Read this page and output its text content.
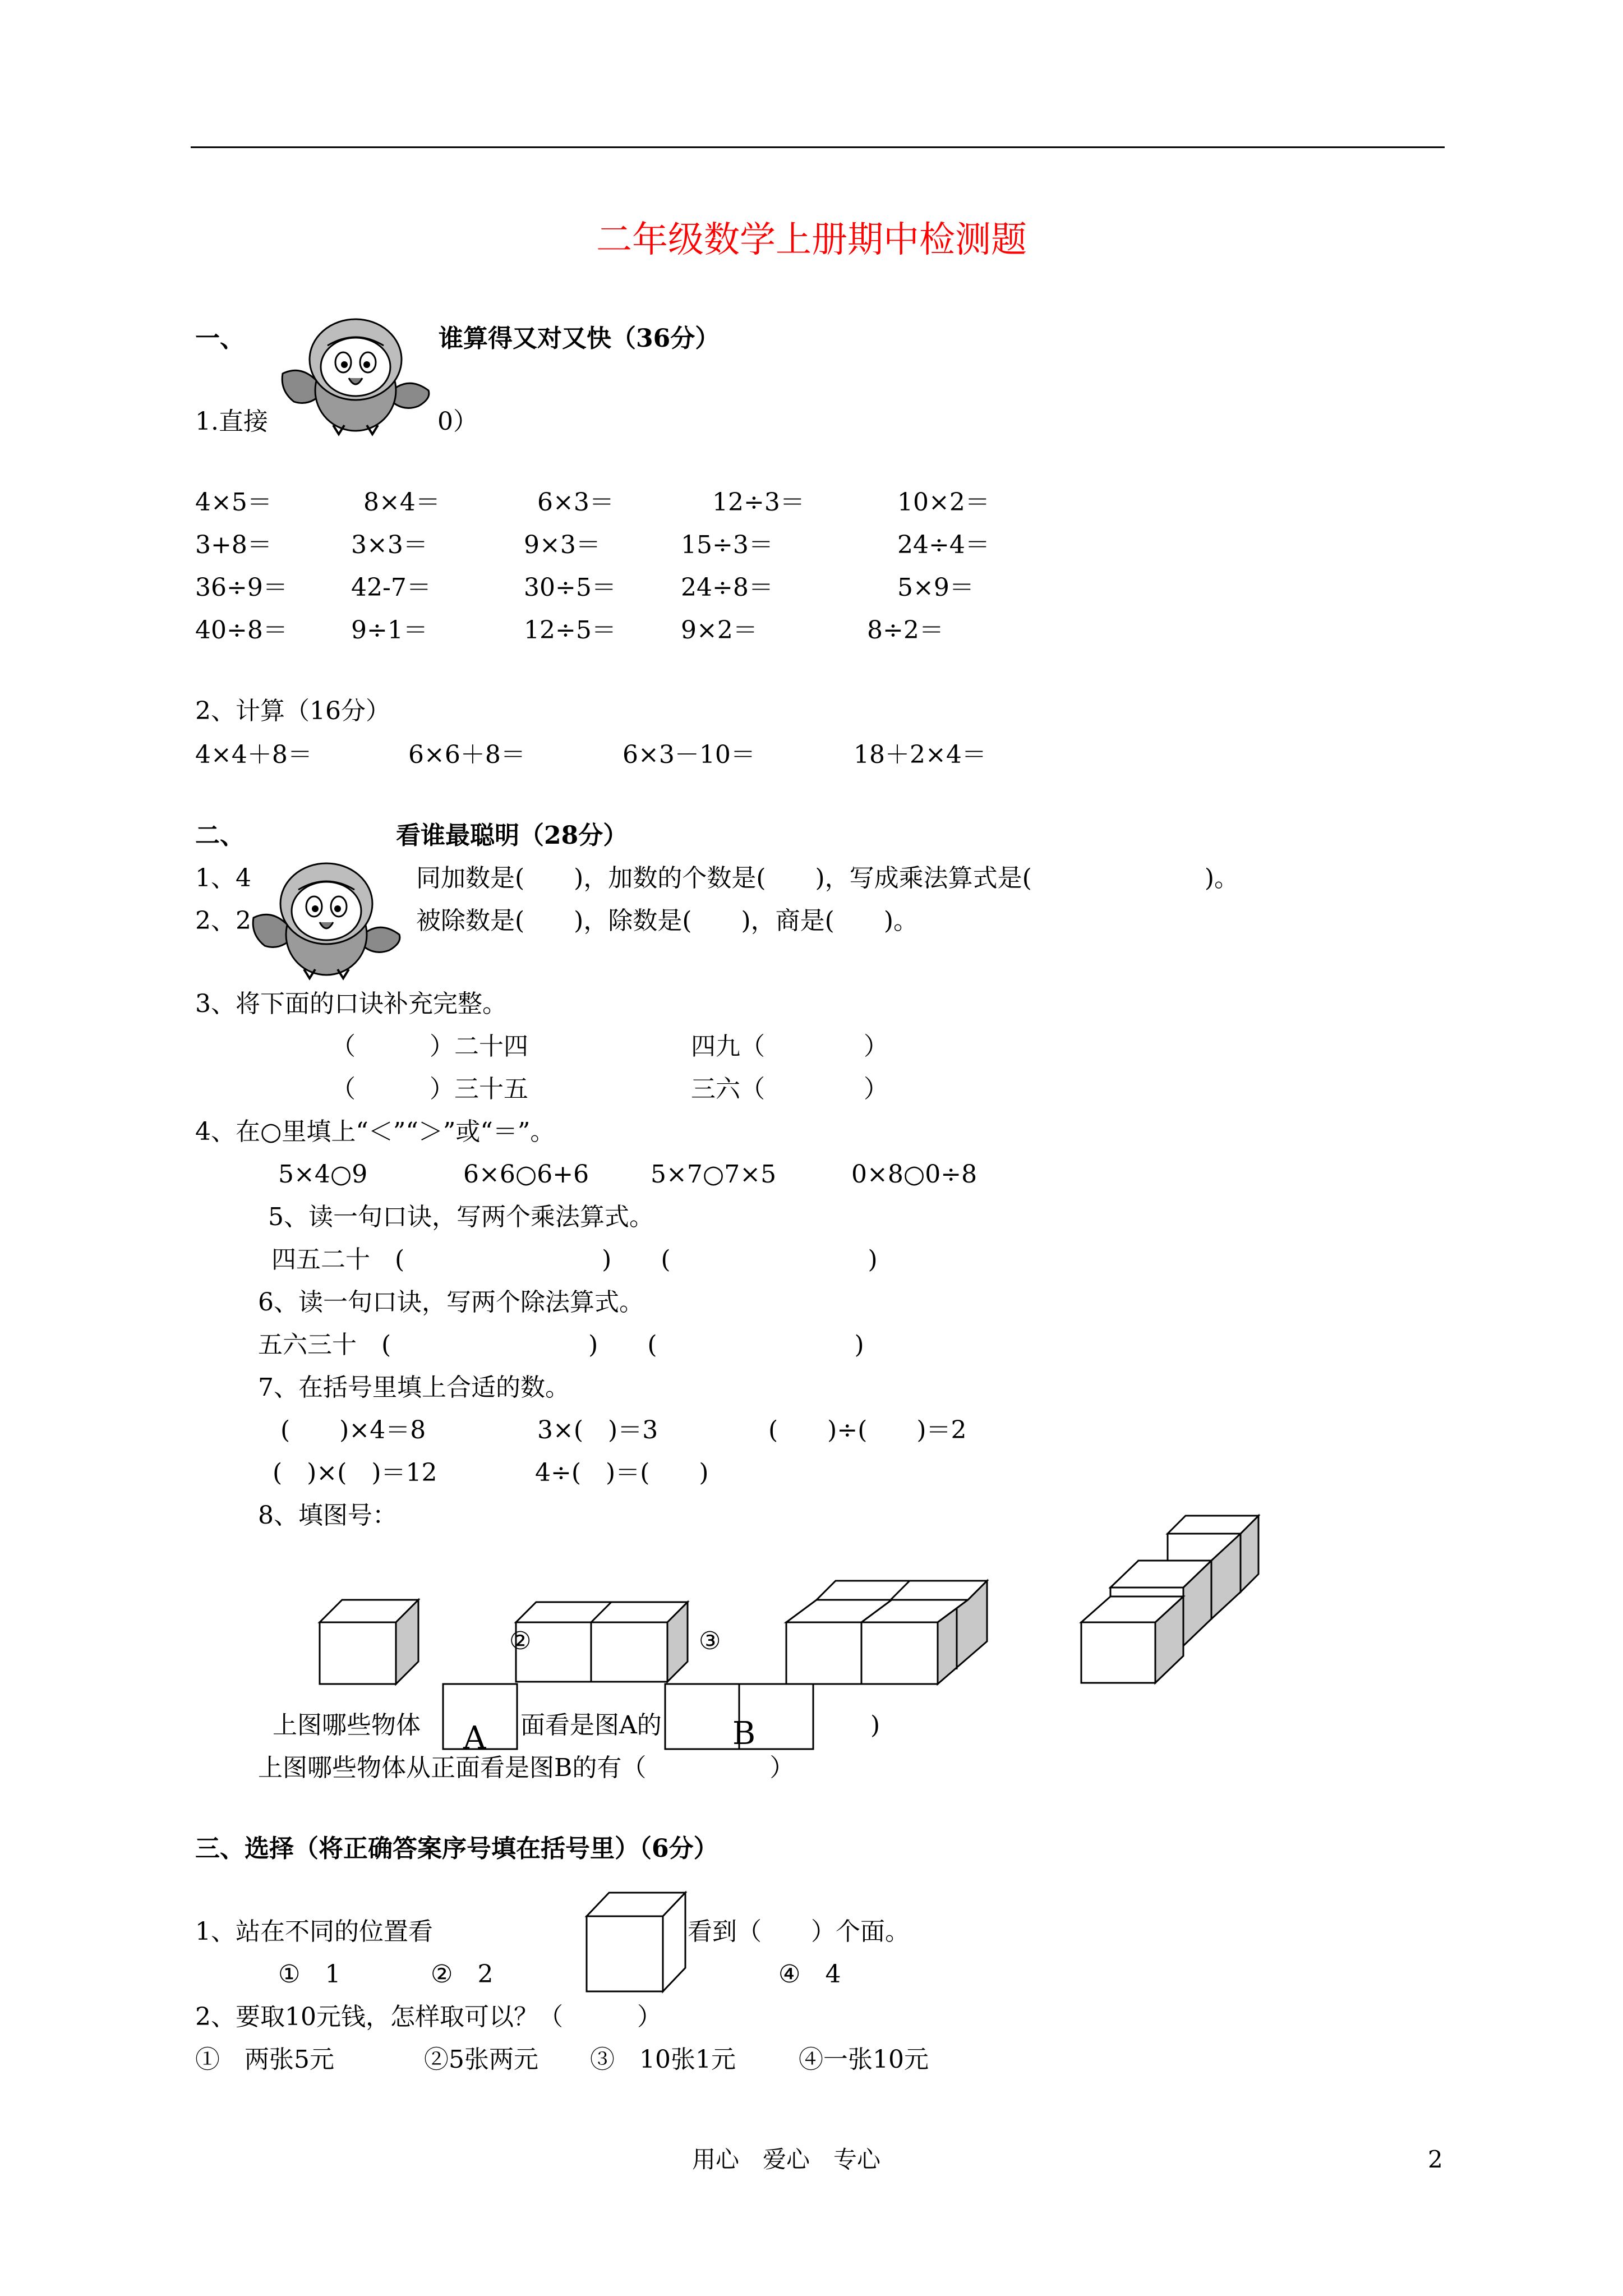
二年级数学上册期中检测题
一、	谁算得又对又快（36分）
1.直接	0）
4×5＝	8×4＝	6×3＝	12÷3＝	10×2＝
3+8＝	3×3＝	9×3＝	15÷3＝	24÷4＝
36÷9＝	42-7＝	30÷5＝	24÷8＝	5×9＝
40÷8＝	9÷1＝	12÷5＝	9×2＝	8÷2＝
2、计算（16分）
4×4＋8＝	6×6＋8＝	6×3－10＝	18＋2×4＝
二、	看谁最聪明（28分）
1、4	同加数是(　　)，加数的个数是(　　)，写成乘法算式是(　　　　　　　)。
2、2	被除数是(　　)，除数是(　　)，商是(　　)。
3、将下面的口诀补充完整。
（　　　）二十四	四九（　　　　）
（　　　）三十五	三六（　　　　）
4、在○里填上“＜”“＞”或“＝”。
5×4○9	6×6○6+6 5×7○7×5	0×8○0÷8
5、读一句口诀，写两个乘法算式。
四五二十　(　　　　　　　　)　　(　　　　　　　　)
6、读一句口诀，写两个除法算式。
五六三十　(　　　　　　　　)　　(　　　　　　　　)
7、在括号里填上合适的数。
(　　)×4＝8	3×(　)＝3	(　　)÷(　　)＝2
(　)×(　)＝12	4÷(　)＝(　　)
8、填图号：
②	③
A	B
上图哪些物体	面看是图A的	)
上图哪些物体从正面看是图B的有（　　　　　）
三、选择（将正确答案序号填在括号里）（6分）
1、站在不同的位置看	看到（　　）个面。
①　1	②　2	④　4
2、要取10元钱，怎样取可以？（　　　）
①　两张5元	②5张两元 ③　10张1元	④一张10元
用心　爱心　专心	2
